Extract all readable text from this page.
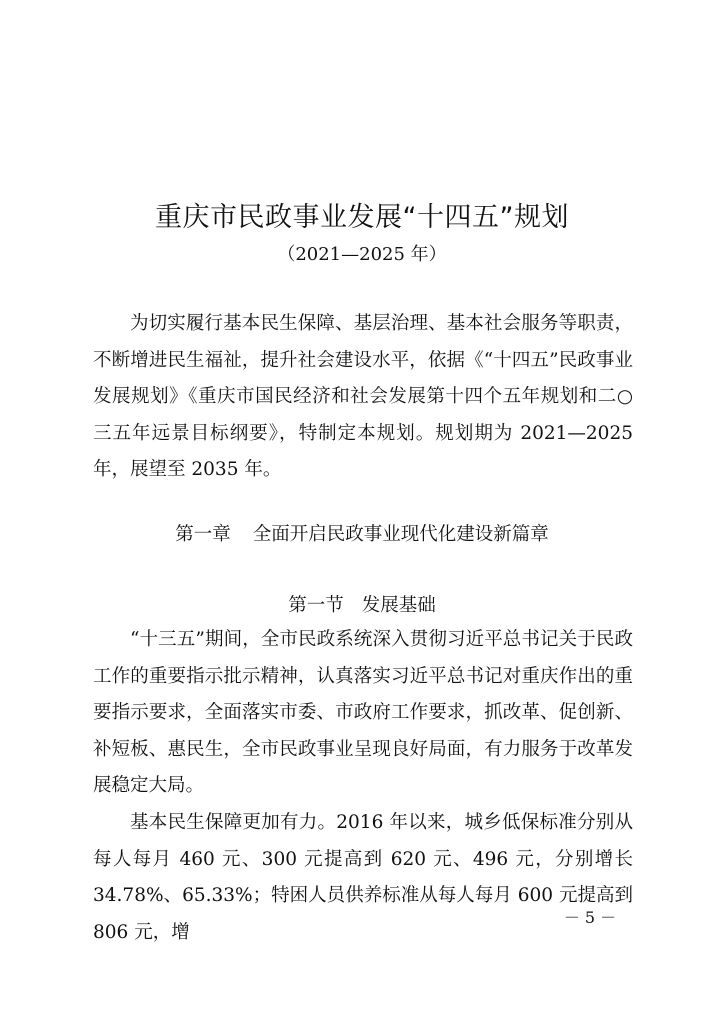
重庆市民政事业发展“十四五”规划
（2021—2025 年）

为切实履行基本民生保障、基层治理、基本社会服务等职责，不断增进民生福祉，提升社会建设水平，依据《“十四五”民政事业发展规划》《重庆市国民经济和社会发展第十四个五年规划和二○三五年远景目标纲要》，特制定本规划。规划期为 2021—2025 年，展望至 2035 年。

第一章 全面开启民政事业现代化建设新篇章
第一节 发展基础

“十三五”期间，全市民政系统深入贯彻习近平总书记关于民政工作的重要指示批示精神，认真落实习近平总书记对重庆作出的重要指示要求，全面落实市委、市政府工作要求，抓改革、促创新、补短板、惠民生，全市民政事业呈现良好局面，有力服务于改革发展稳定大局。

基本民生保障更加有力。2016 年以来，城乡低保标准分别从每人每月 460 元、300 元提高到 620 元、496 元，分别增长 34.78%、65.33%；特困人员供养标准从每人每月 600 元提高到 806 元，增

－ 5 －
